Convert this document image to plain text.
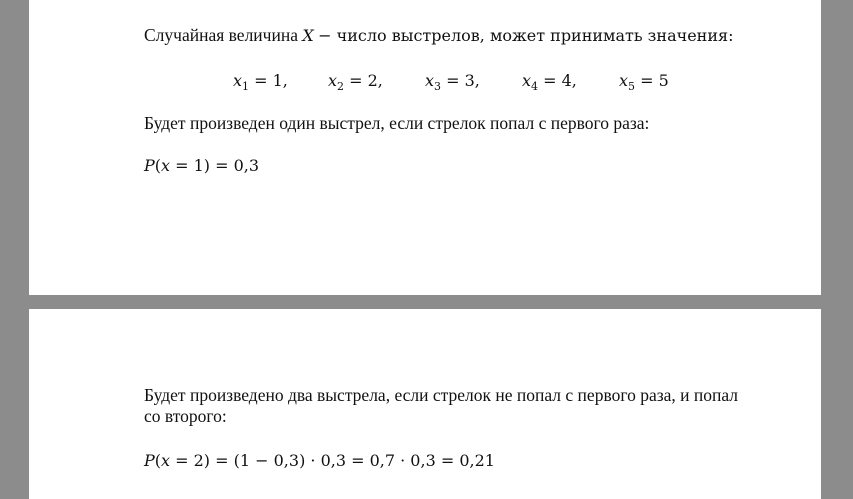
Случайная величина X − число выстрелов, может принимать значения:
$x_1 = 1$,	$x_2 = 2$,	$x_3 = 3$,	$x_4 = 4$,	$x_5 = 5$
Будет произведен один выстрел, если стрелок попал с первого раза:
P(x = 1) = 0,3
Будет произведено два выстрела, если стрелок не попал с первого раза, и попал
со второго:
P(x = 2) = (1 − 0,3) · 0,3 = 0,7 · 0,3 = 0,21
